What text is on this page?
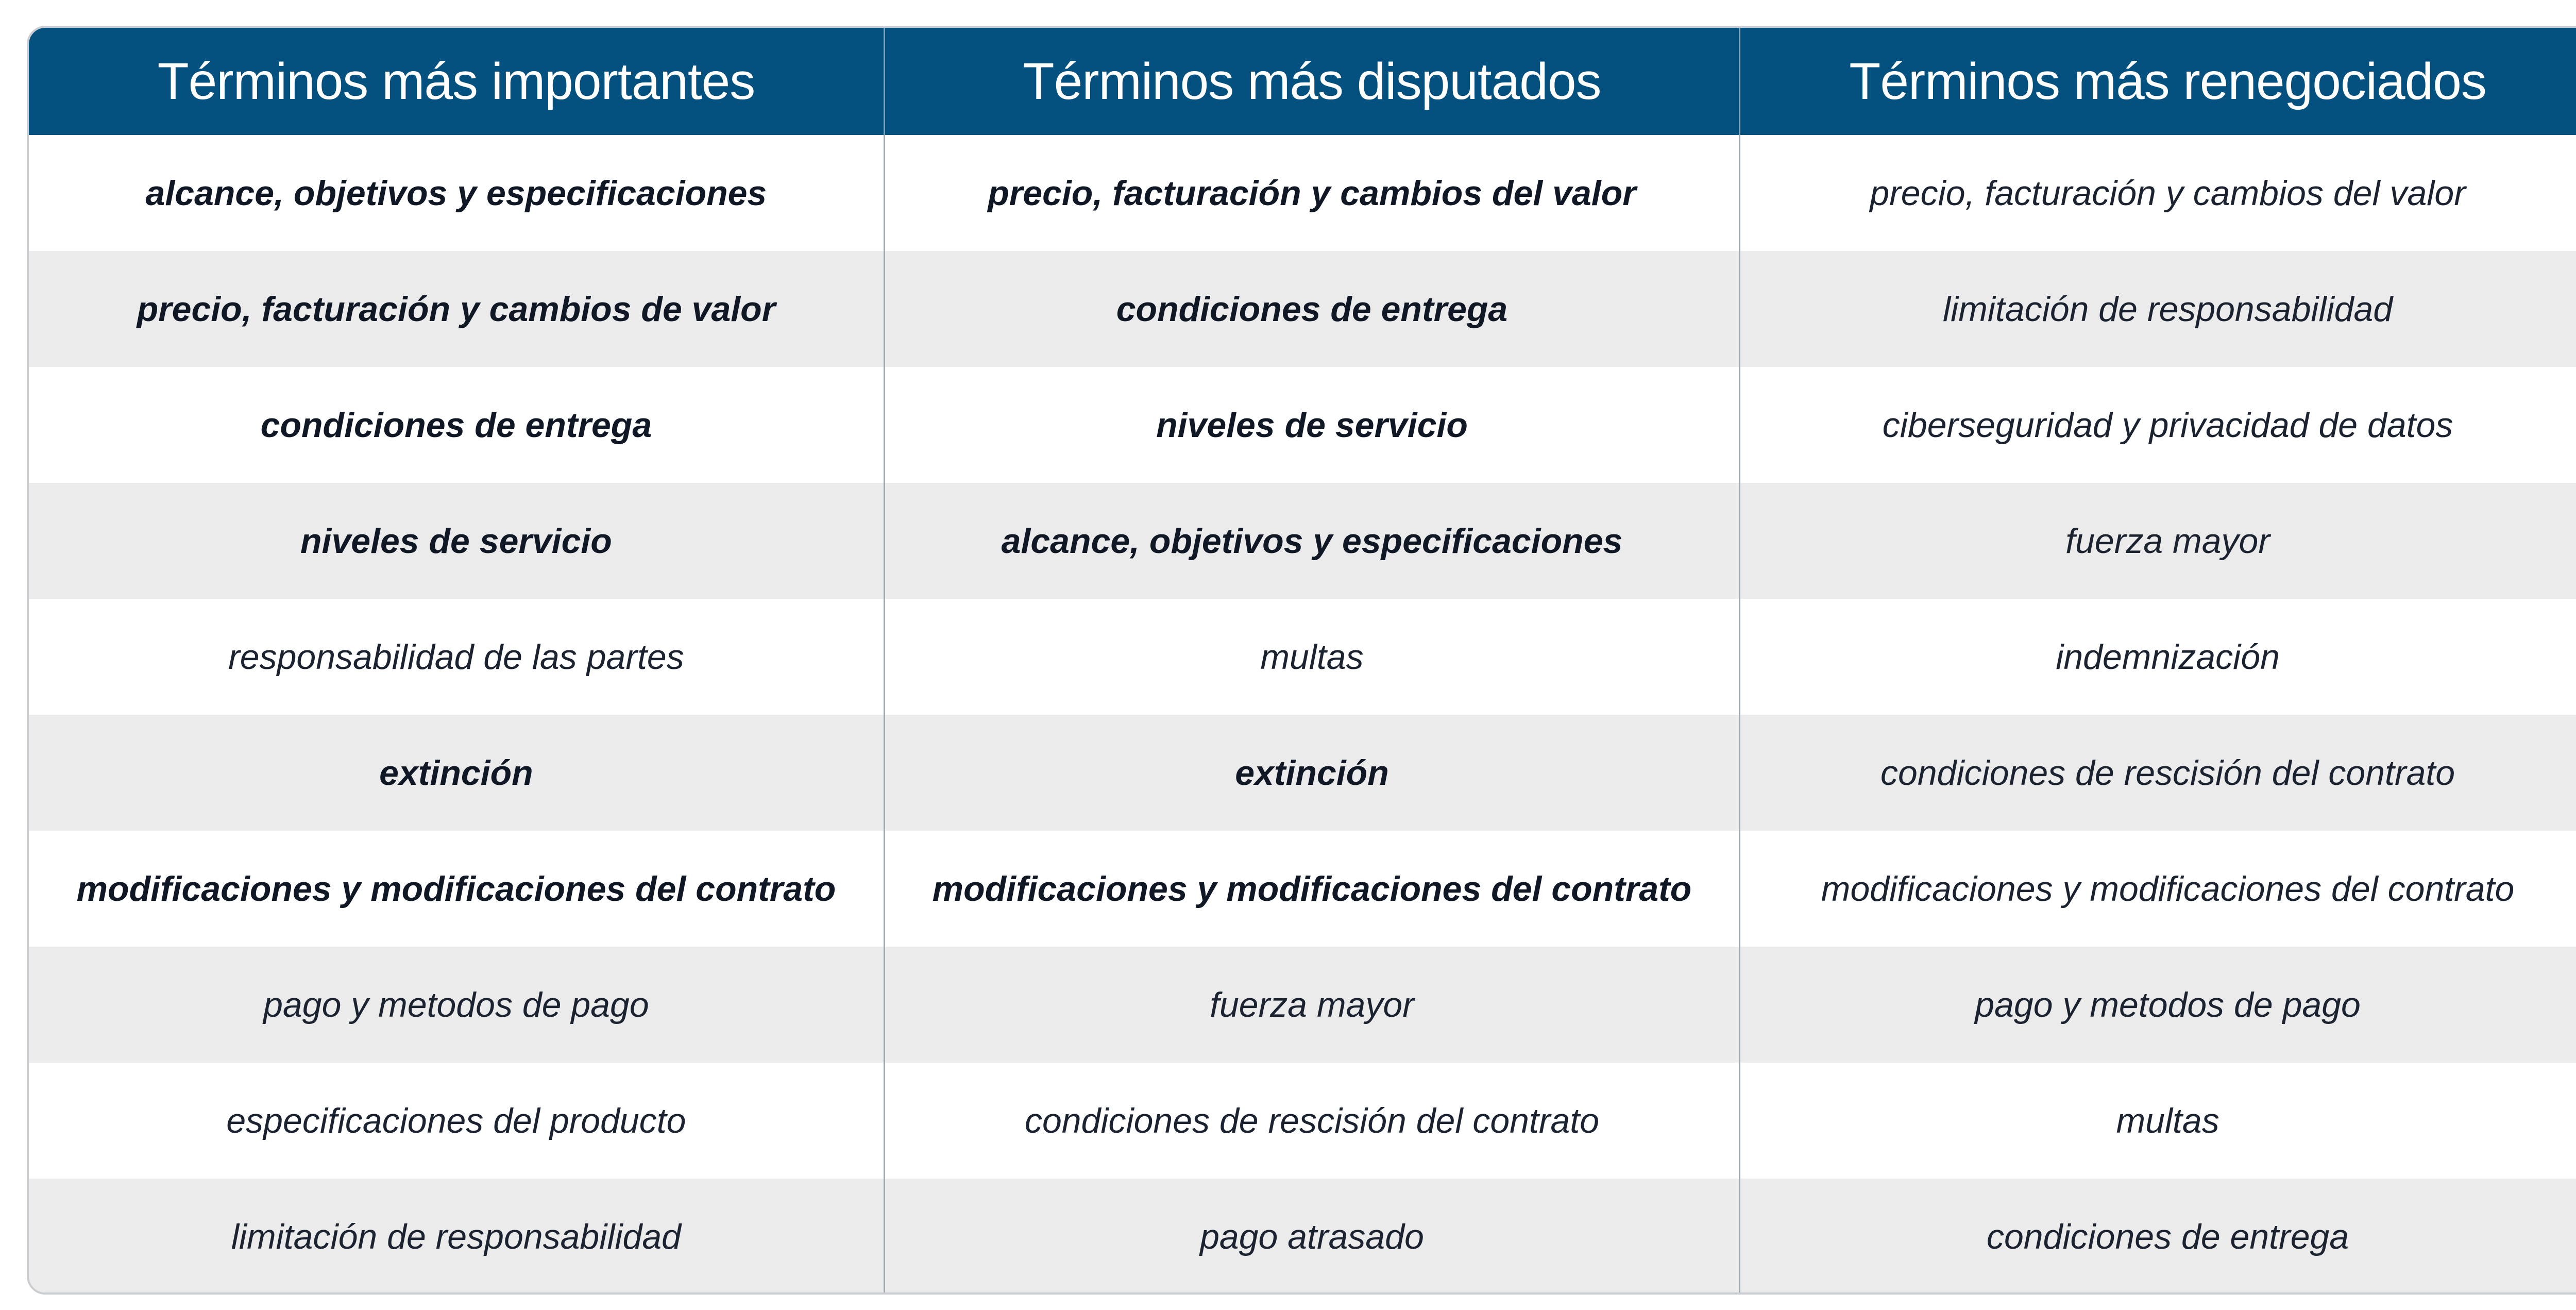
Términos más importantes	Términos más disputados	Términos más renegociados
alcance, objetivos y especificaciones	precio, facturación y cambios del valor	precio, facturación y cambios del valor
precio, facturación y cambios de valor	condiciones de entrega	limitación de responsabilidad
condiciones de entrega	niveles de servicio	ciberseguridad y privacidad de datos
niveles de servicio	alcance, objetivos y especificaciones	fuerza mayor
responsabilidad de las partes	multas	indemnización
extinción	extinción	condiciones de rescisión del contrato
modificaciones y modificaciones del contrato	modificaciones y modificaciones del contrato	modificaciones y modificaciones del contrato
pago y metodos de pago	fuerza mayor	pago y metodos de pago
especificaciones del producto	condiciones de rescisión del contrato	multas
limitación de responsabilidad	pago atrasado	condiciones de entrega
